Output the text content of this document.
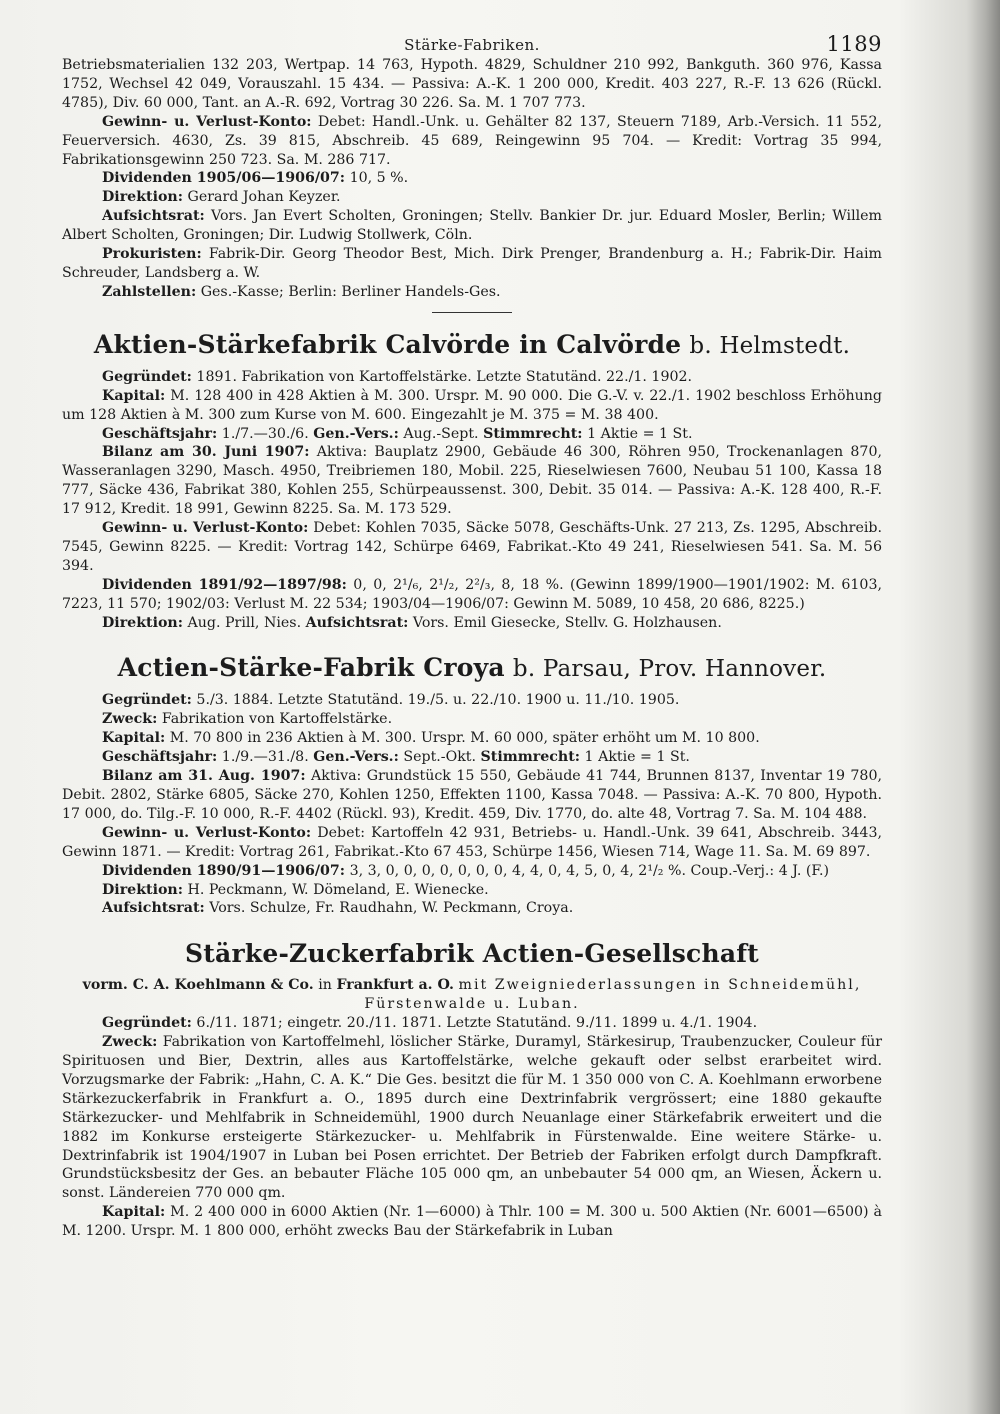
Stärke-Fabriken.	1189

Betriebsmaterialien 132 203, Wertpap. 14 763, Hypoth. 4829, Schuldner 210 992, Bankguth. 360 976, Kassa 1752, Wechsel 42 049, Vorauszahl. 15 434. — Passiva: A.-K. 1 200 000, Kredit. 403 227, R.-F. 13 626 (Rückl. 4785), Div. 60 000, Tant. an A.-R. 692, Vortrag 30 226. Sa. M. 1 707 773.

Gewinn- u. Verlust-Konto: Debet: Handl.-Unk. u. Gehälter 82 137, Steuern 7189, Arb.-Versich. 11 552, Feuerversich. 4630, Zs. 39 815, Abschreib. 45 689, Reingewinn 95 704. — Kredit: Vortrag 35 994, Fabrikationsgewinn 250 723. Sa. M. 286 717.

Dividenden 1905/06—1906/07: 10, 5 %.

Direktion: Gerard Johan Keyzer.

Aufsichtsrat: Vors. Jan Evert Scholten, Groningen; Stellv. Bankier Dr. jur. Eduard Mosler, Berlin; Willem Albert Scholten, Groningen; Dir. Ludwig Stollwerk, Cöln.

Prokuristen: Fabrik-Dir. Georg Theodor Best, Mich. Dirk Prenger, Brandenburg a. H.; Fabrik-Dir. Haim Schreuder, Landsberg a. W.

Zahlstellen: Ges.-Kasse; Berlin: Berliner Handels-Ges.

Aktien-Stärkefabrik Calvörde in Calvörde b. Helmstedt.

Gegründet: 1891. Fabrikation von Kartoffelstärke. Letzte Statutänd. 22./1. 1902.

Kapital: M. 128 400 in 428 Aktien à M. 300. Urspr. M. 90 000. Die G.-V. v. 22./1. 1902 beschloss Erhöhung um 128 Aktien à M. 300 zum Kurse von M. 600. Eingezahlt je M. 375 = M. 38 400.

Geschäftsjahr: 1./7.—30./6. Gen.-Vers.: Aug.-Sept. Stimmrecht: 1 Aktie = 1 St.

Bilanz am 30. Juni 1907: Aktiva: Bauplatz 2900, Gebäude 46 300, Röhren 950, Trockenanlagen 870, Wasseranlagen 3290, Masch. 4950, Treibriemen 180, Mobil. 225, Rieselwiesen 7600, Neubau 51 100, Kassa 18 777, Säcke 436, Fabrikat 380, Kohlen 255, Schürpeaussenst. 300, Debit. 35 014. — Passiva: A.-K. 128 400, R.-F. 17 912, Kredit. 18 991, Gewinn 8225. Sa. M. 173 529.

Gewinn- u. Verlust-Konto: Debet: Kohlen 7035, Säcke 5078, Geschäfts-Unk. 27 213, Zs. 1295, Abschreib. 7545, Gewinn 8225. — Kredit: Vortrag 142, Schürpe 6469, Fabrikat.-Kto 49 241, Rieselwiesen 541. Sa. M. 56 394.

Dividenden 1891/92—1897/98: 0, 0, 2¹/₆, 2¹/₂, 2²/₃, 8, 18 %. (Gewinn 1899/1900—1901/1902: M. 6103, 7223, 11 570; 1902/03: Verlust M. 22 534; 1903/04—1906/07: Gewinn M. 5089, 10 458, 20 686, 8225.)

Direktion: Aug. Prill, Nies. Aufsichtsrat: Vors. Emil Giesecke, Stellv. G. Holzhausen.

Actien-Stärke-Fabrik Croya b. Parsau, Prov. Hannover.

Gegründet: 5./3. 1884. Letzte Statutänd. 19./5. u. 22./10. 1900 u. 11./10. 1905.

Zweck: Fabrikation von Kartoffelstärke.

Kapital: M. 70 800 in 236 Aktien à M. 300. Urspr. M. 60 000, später erhöht um M. 10 800.

Geschäftsjahr: 1./9.—31./8. Gen.-Vers.: Sept.-Okt. Stimmrecht: 1 Aktie = 1 St.

Bilanz am 31. Aug. 1907: Aktiva: Grundstück 15 550, Gebäude 41 744, Brunnen 8137, Inventar 19 780, Debit. 2802, Stärke 6805, Säcke 270, Kohlen 1250, Effekten 1100, Kassa 7048. — Passiva: A.-K. 70 800, Hypoth. 17 000, do. Tilg.-F. 10 000, R.-F. 4402 (Rückl. 93), Kredit. 459, Div. 1770, do. alte 48, Vortrag 7. Sa. M. 104 488.

Gewinn- u. Verlust-Konto: Debet: Kartoffeln 42 931, Betriebs- u. Handl.-Unk. 39 641, Abschreib. 3443, Gewinn 1871. — Kredit: Vortrag 261, Fabrikat.-Kto 67 453, Schürpe 1456, Wiesen 714, Wage 11. Sa. M. 69 897.

Dividenden 1890/91—1906/07: 3, 3, 0, 0, 0, 0, 0, 0, 0, 4, 4, 0, 4, 5, 0, 4, 2¹/₂ %. Coup.-Verj.: 4 J. (F.)

Direktion: H. Peckmann, W. Dömeland, E. Wienecke.

Aufsichtsrat: Vors. Schulze, Fr. Raudhahn, W. Peckmann, Croya.

Stärke-Zuckerfabrik Actien-Gesellschaft
vorm. C. A. Koehlmann & Co. in Frankfurt a. O. mit Zweigniederlassungen in Schneidemühl, Fürstenwalde u. Luban.

Gegründet: 6./11. 1871; eingetr. 20./11. 1871. Letzte Statutänd. 9./11. 1899 u. 4./1. 1904.

Zweck: Fabrikation von Kartoffelmehl, löslicher Stärke, Duramyl, Stärkesirup, Traubenzucker, Couleur für Spirituosen und Bier, Dextrin, alles aus Kartoffelstärke, welche gekauft oder selbst erarbeitet wird. Vorzugsmarke der Fabrik: „Hahn, C. A. K.“ Die Ges. besitzt die für M. 1 350 000 von C. A. Koehlmann erworbene Stärkezuckerfabrik in Frankfurt a. O., 1895 durch eine Dextrinfabrik vergrössert; eine 1880 gekaufte Stärkezucker- und Mehlfabrik in Schneidemühl, 1900 durch Neuanlage einer Stärkefabrik erweitert und die 1882 im Konkurse ersteigerte Stärkezucker- u. Mehlfabrik in Fürstenwalde. Eine weitere Stärke- u. Dextrinfabrik ist 1904/1907 in Luban bei Posen errichtet. Der Betrieb der Fabriken erfolgt durch Dampfkraft. Grundstücksbesitz der Ges. an bebauter Fläche 105 000 qm, an unbebauter 54 000 qm, an Wiesen, Äckern u. sonst. Ländereien 770 000 qm.

Kapital: M. 2 400 000 in 6000 Aktien (Nr. 1—6000) à Thlr. 100 = M. 300 u. 500 Aktien (Nr. 6001—6500) à M. 1200. Urspr. M. 1 800 000, erhöht zwecks Bau der Stärkefabrik in Luban
